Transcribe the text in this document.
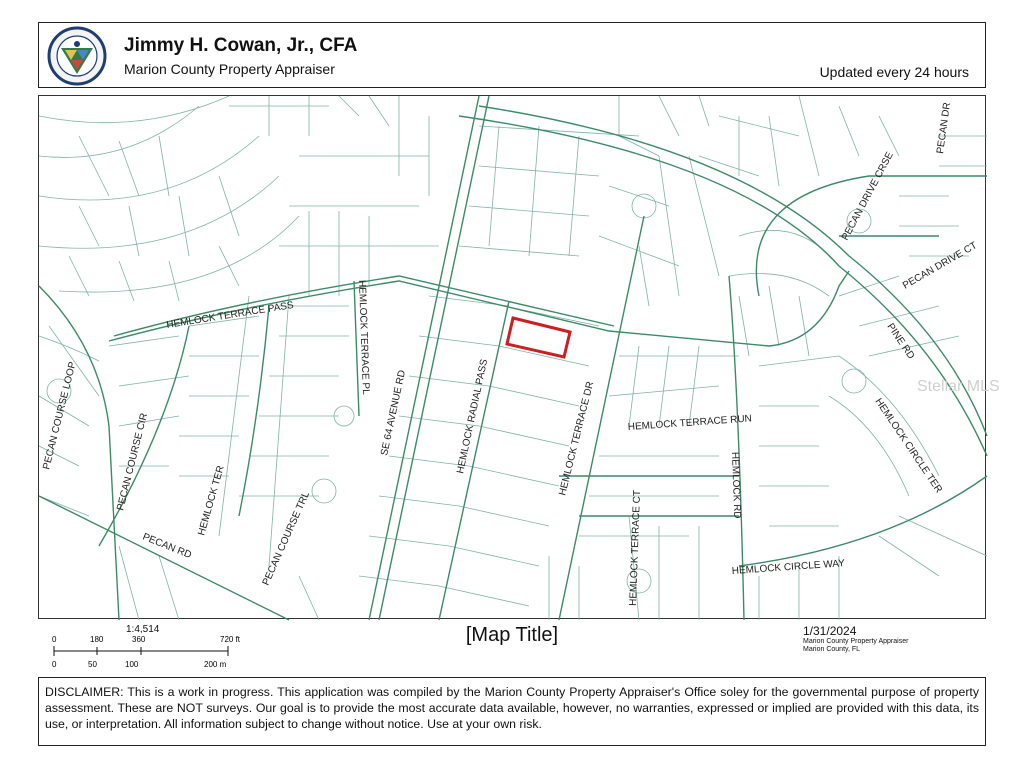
Jimmy H. Cowan, Jr., CFA
Marion County Property Appraiser	Updated every 24 hours
HEMLOCK TERRACE PASS	HEMLOCK TERRACE PL
SE 64 AVENUE RD	HEMLOCK RADIAL PASS	HEMLOCK TERRACE DR	HEMLOCK TERRACE RUN
HEMLOCK RD
HEMLOCK TERRACE CT	HEMLOCK CIRCLE WAY
HEMLOCK CIRCLE TER
PINE RD
PECAN DRIVE CRSE
PECAN DR
PECAN DRIVE CT
PECAN COURSE LOOP	PECAN COURSE CIR	HEMLOCK TER	PECAN COURSE TRL
PECAN RD
Stellar MLS
1:4,514
0	180	360	720 ft
0	50	100	200 m
[Map Title]	1/31/2024
Marion County Property Appraiser
Marion County, FL
DISCLAIMER: This is a work in progress. This application was compiled by the Marion County Property Appraiser's Office soley for the governmental purpose of property assessment. These are NOT surveys. Our goal is to provide the most accurate data available, however, no warranties, expressed or implied are provided with this data, its use, or interpretation. All information subject to change without notice. Use at your own risk.
